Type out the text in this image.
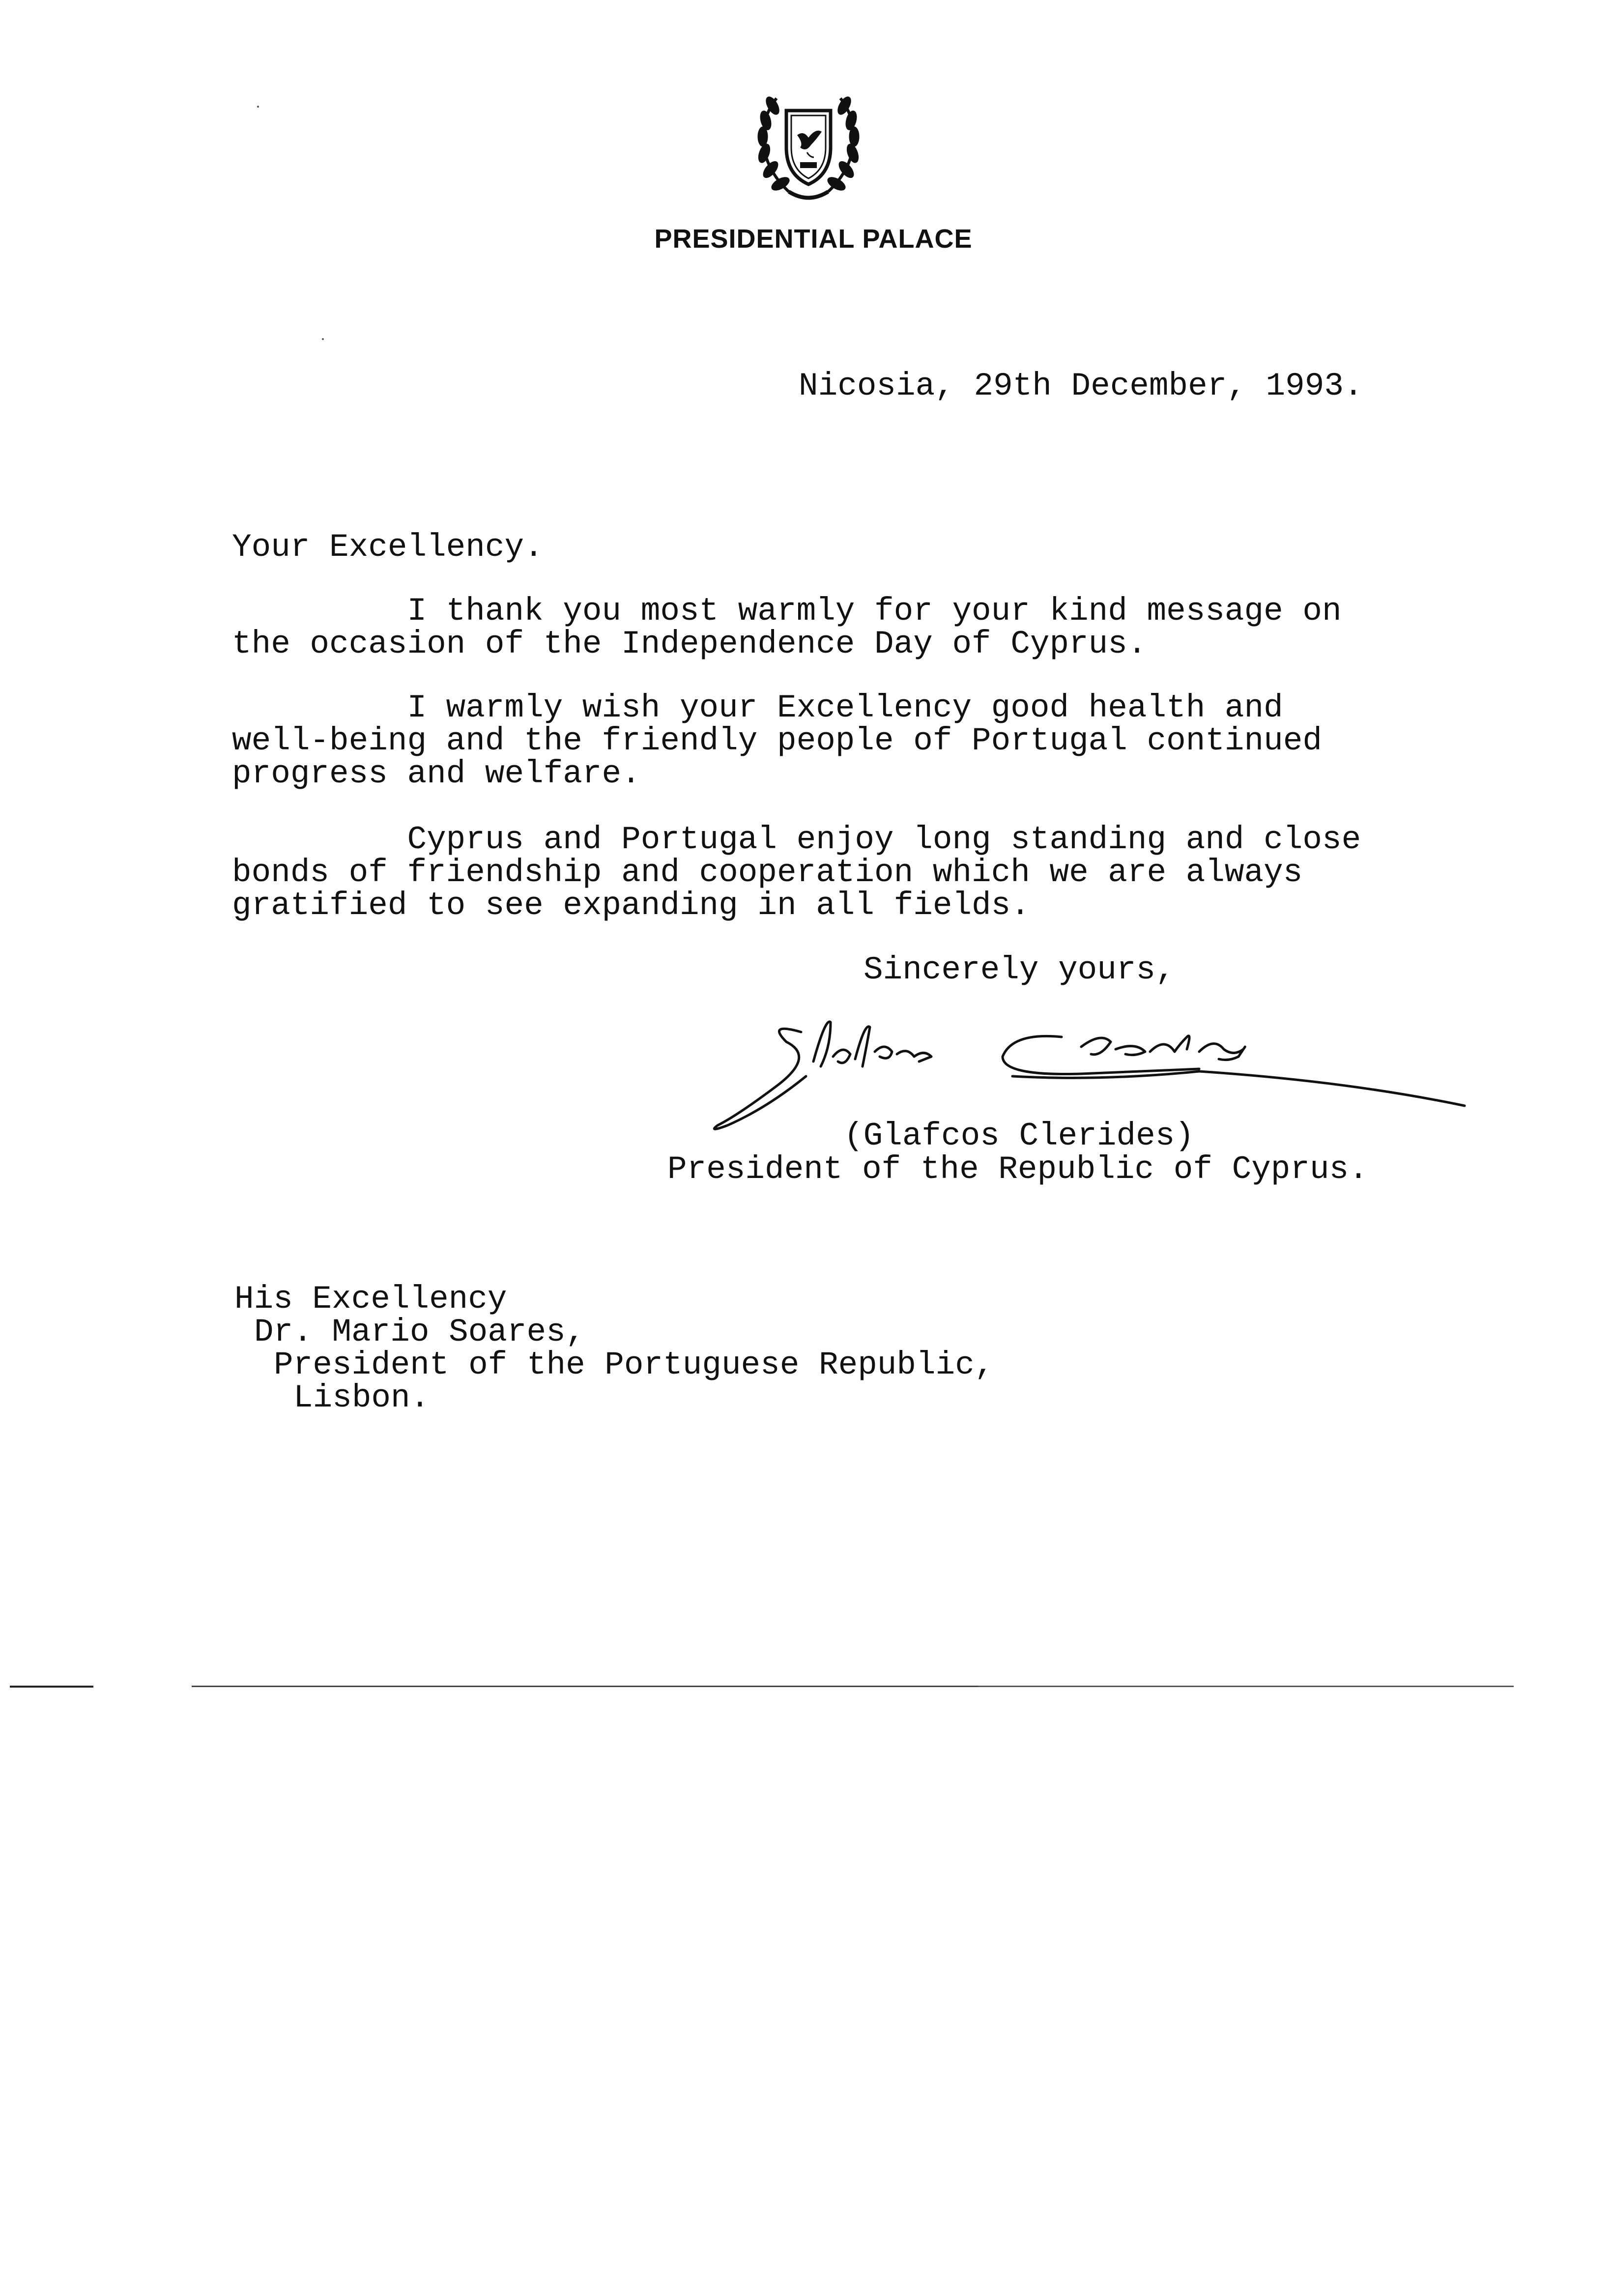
PRESIDENTIAL PALACE

Nicosia, 29th December, 1993.

Your Excellency.

I thank you most warmly for your kind message on

the occasion of the Independence Day of Cyprus.

I warmly wish your Excellency good health and

well-being and the friendly people of Portugal continued

progress and welfare.

Cyprus and Portugal enjoy long standing and close

bonds of friendship and cooperation which we are always

gratified to see expanding in all fields.

Sincerely yours,

(Glafcos Clerides)

President of the Republic of Cyprus.

His Excellency

Dr. Mario Soares,

President of the Portuguese Republic,

Lisbon.
